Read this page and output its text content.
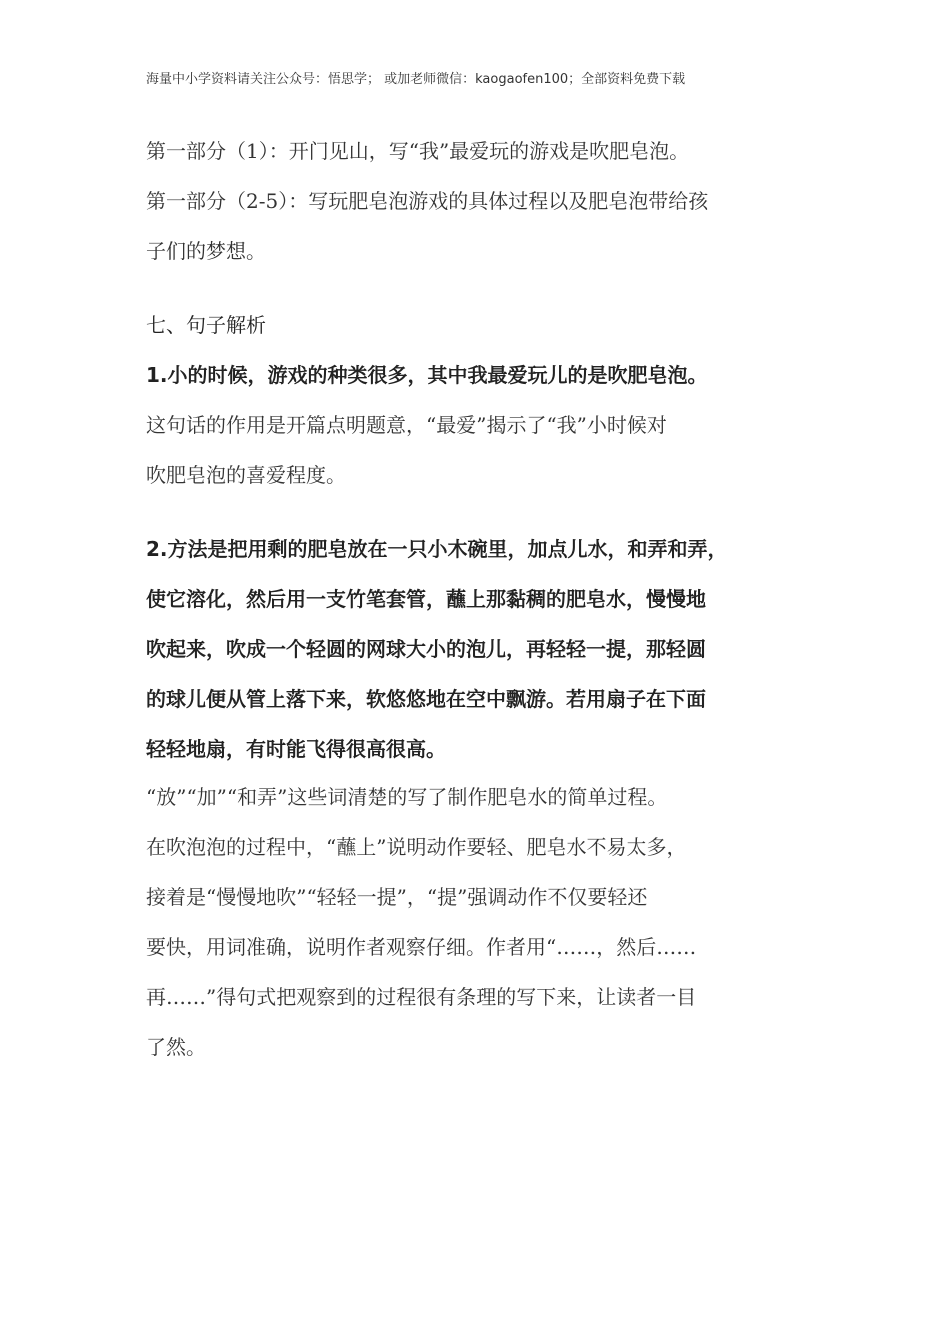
海量中小学资料请关注公众号：悟思学； 或加老师微信：kaogaofen100；全部资料免费下载

第一部分（1）：开门见山，写“我”最爱玩的游戏是吹肥皂泡。

第一部分（2-5）：写玩肥皂泡游戏的具体过程以及肥皂泡带给孩

子们的梦想。

七、句子解析

1.小的时候，游戏的种类很多，其中我最爱玩儿的是吹肥皂泡。

这句话的作用是开篇点明题意，“最爱”揭示了“我”小时候对

吹肥皂泡的喜爱程度。

2.方法是把用剩的肥皂放在一只小木碗里，加点儿水，和弄和弄，

使它溶化，然后用一支竹笔套管，蘸上那黏稠的肥皂水，慢慢地

吹起来，吹成一个轻圆的网球大小的泡儿，再轻轻一提，那轻圆

的球儿便从管上落下来，软悠悠地在空中飘游。若用扇子在下面

轻轻地扇，有时能飞得很高很高。

“放”“加”“和弄”这些词清楚的写了制作肥皂水的简单过程。

在吹泡泡的过程中，“蘸上”说明动作要轻、肥皂水不易太多，

接着是“慢慢地吹”“轻轻一提”，“提”强调动作不仅要轻还

要快，用词准确，说明作者观察仔细。作者用“……，然后……

再……”得句式把观察到的过程很有条理的写下来，让读者一目

了然。
